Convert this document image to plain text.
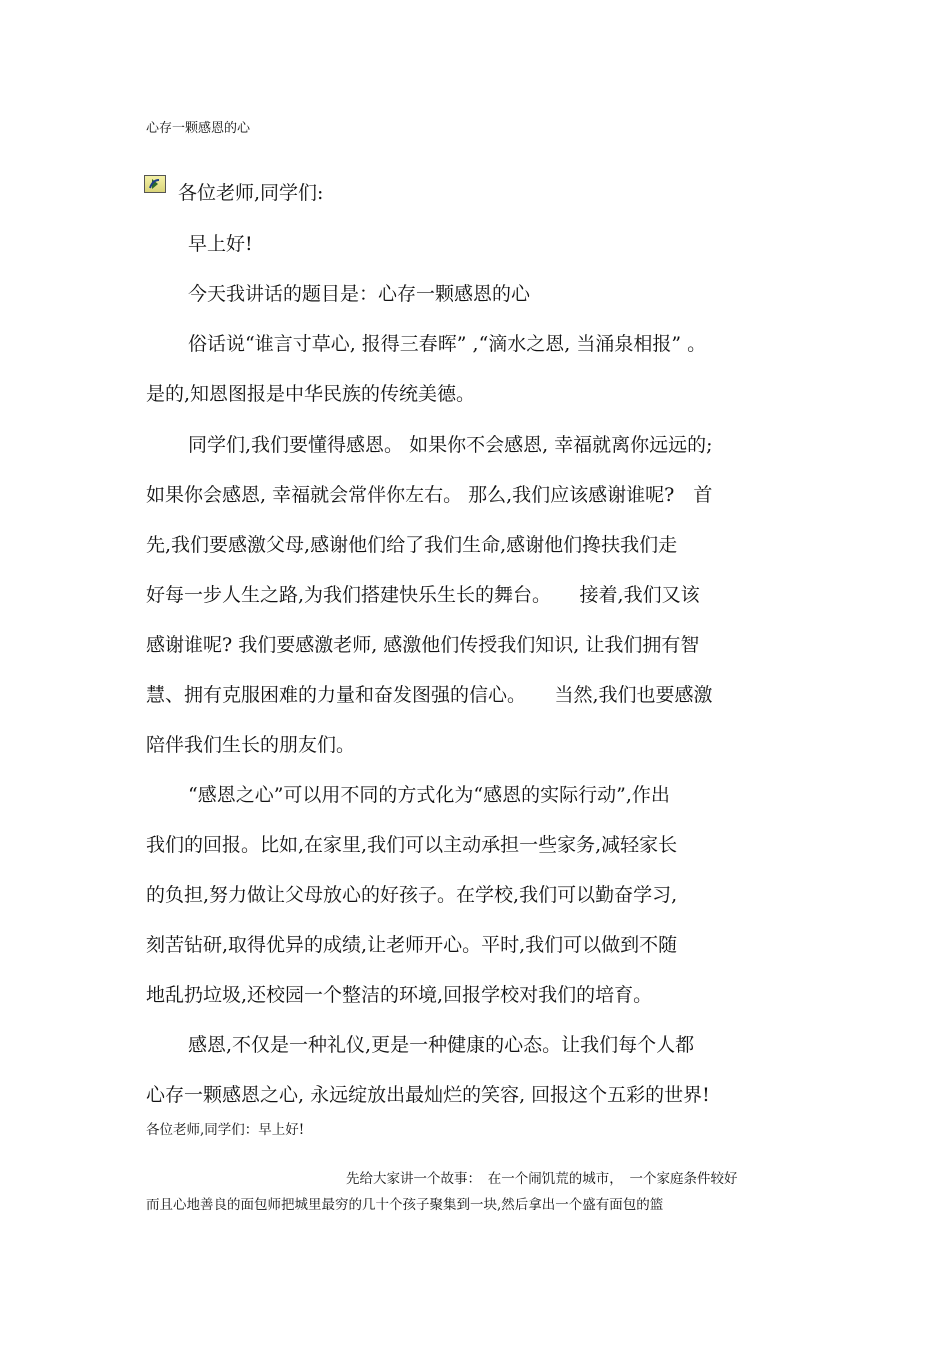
心存一颗感恩的心
各位老师,同学们:
早上好!
今天我讲话的题目是：心存一颗感恩的心
俗话说“谁言寸草心, 报得三春晖” ,“滴水之恩, 当涌泉相报” 。
是的,知恩图报是中华民族的传统美德。
同学们,我们要懂得感恩。 如果你不会感恩, 幸福就离你远远的;
如果你会感恩, 幸福就会常伴你左右。 那么,我们应该感谢谁呢?　首
先,我们要感激父母,感谢他们给了我们生命,感谢他们搀扶我们走
好每一步人生之路,为我们搭建快乐生长的舞台。　　接着,我们又该
感谢谁呢? 我们要感激老师, 感激他们传授我们知识, 让我们拥有智
慧、拥有克服困难的力量和奋发图强的信心。　　当然,我们也要感激
陪伴我们生长的朋友们。
“感恩之心”可以用不同的方式化为“感恩的实际行动”,作出
我们的回报。比如,在家里,我们可以主动承担一些家务,减轻家长
的负担,努力做让父母放心的好孩子。在学校,我们可以勤奋学习,
刻苦钻研,取得优异的成绩,让老师开心。平时,我们可以做到不随
地乱扔垃圾,还校园一个整洁的环境,回报学校对我们的培育。
感恩,不仅是一种礼仪,更是一种健康的心态。让我们每个人都
心存一颗感恩之心, 永远绽放出最灿烂的笑容, 回报这个五彩的世界!
各位老师,同学们：早上好!
先给大家讲一个故事：　在一个闹饥荒的城市，　一个家庭条件较好
而且心地善良的面包师把城里最穷的几十个孩子聚集到一块,然后拿出一个盛有面包的篮
